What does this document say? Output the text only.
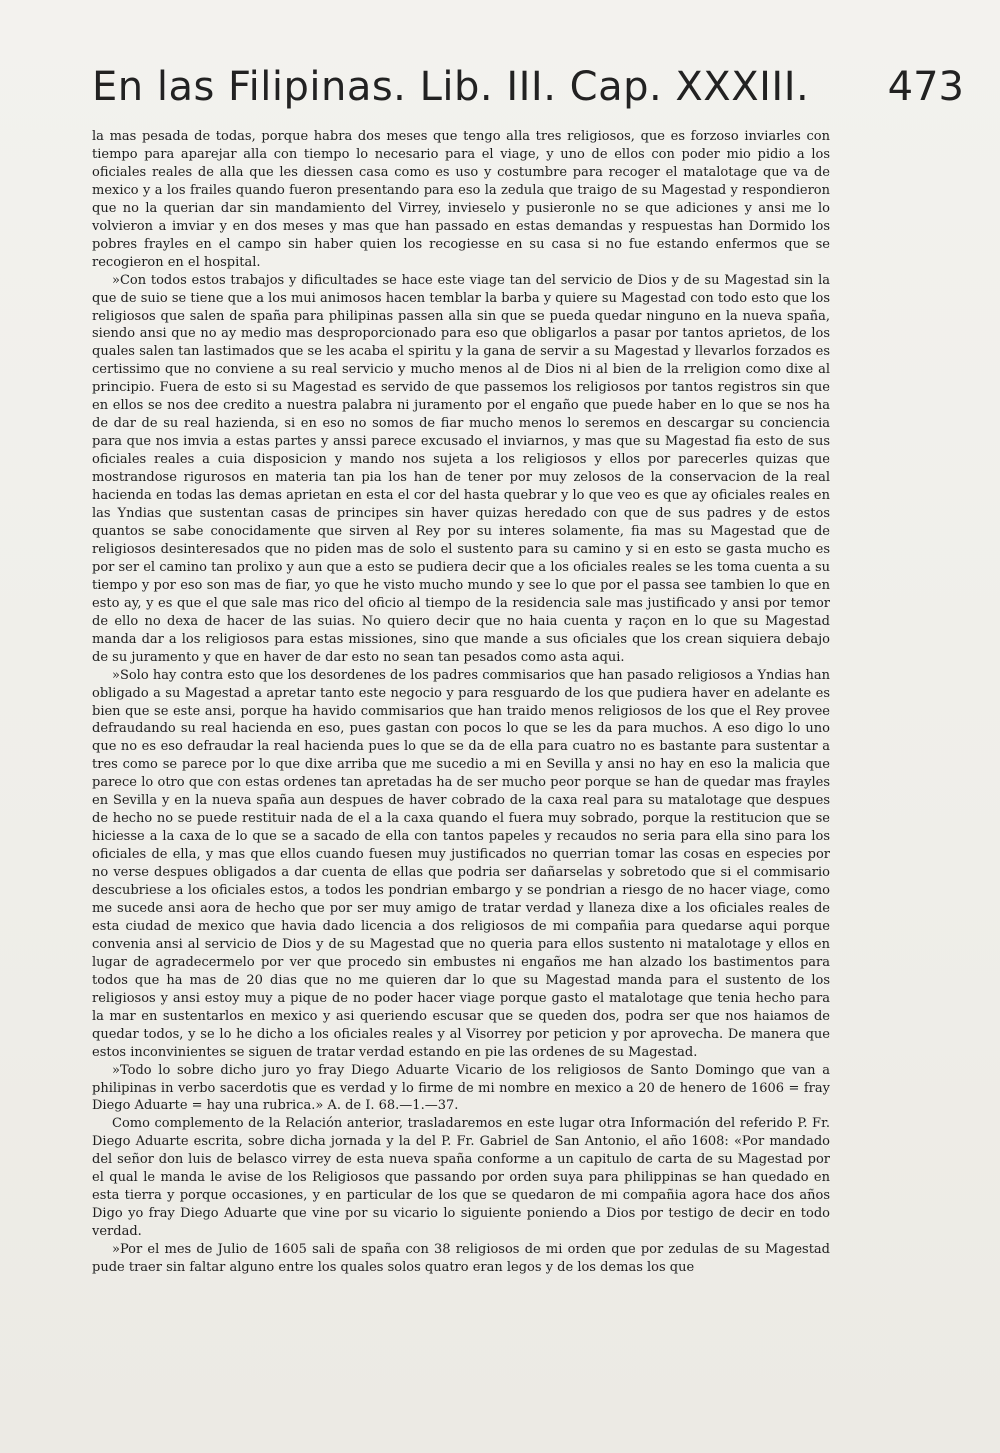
En las Filipinas. Lib. III. Cap. XXXIII. 473

la mas pesada de todas, porque habra dos meses que tengo alla tres religiosos, que es forzoso inviarles con tiempo para aparejar alla con tiempo lo necesario para el viage, y uno de ellos con poder mio pidio a los oficiales reales de alla que les diessen casa como es uso y costumbre para recoger el matalotage que va de mexico y a los frailes quando fueron presentando para eso la zedula que traigo de su Magestad y respondieron que no la querian dar sin mandamiento del Virrey, invieselo y pusieronle no se que adiciones y ansi me lo volvieron a imviar y en dos meses y mas que han passado en estas demandas y respuestas han Dormido los pobres frayles en el campo sin haber quien los recogiesse en su casa si no fue estando enfermos que se recogieron en el hospital.

»Con todos estos trabajos y dificultades se hace este viage tan del servicio de Dios y de su Magestad sin la que de suio se tiene que a los mui animosos hacen temblar la barba y quiere su Magestad con todo esto que los religiosos que salen de spaña para philipinas passen alla sin que se pueda quedar ninguno en la nueva spaña, siendo ansi que no ay medio mas desproporcionado para eso que obligarlos a pasar por tantos aprietos, de los quales salen tan lastimados que se les acaba el spiritu y la gana de servir a su Magestad y llevarlos forzados es certissimo que no conviene a su real servicio y mucho menos al de Dios ni al bien de la rreligion como dixe al principio. Fuera de esto si su Magestad es servido de que passemos los religiosos por tantos registros sin que en ellos se nos dee credito a nuestra palabra ni juramento por el engaño que puede haber en lo que se nos ha de dar de su real hazienda, si en eso no somos de fiar mucho menos lo seremos en descargar su conciencia para que nos imvia a estas partes y anssi parece excusado el inviarnos, y mas que su Magestad fia esto de sus oficiales reales a cuia disposicion y mando nos sujeta a los religiosos y ellos por parecerles quizas que mostrandose rigurosos en materia tan pia los han de tener por muy zelosos de la conservacion de la real hacienda en todas las demas aprietan en esta el cor del hasta quebrar y lo que veo es que ay oficiales reales en las Yndias que sustentan casas de principes sin haver quizas heredado con que de sus padres y de estos quantos se sabe conocidamente que sirven al Rey por su interes solamente, fia mas su Magestad que de religiosos desinteresados que no piden mas de solo el sustento para su camino y si en esto se gasta mucho es por ser el camino tan prolixo y aun que a esto se pudiera decir que a los oficiales reales se les toma cuenta a su tiempo y por eso son mas de fiar, yo que he visto mucho mundo y see lo que por el passa see tambien lo que en esto ay, y es que el que sale mas rico del oficio al tiempo de la residencia sale mas justificado y ansi por temor de ello no dexa de hacer de las suias. No quiero decir que no haia cuenta y raçon en lo que su Magestad manda dar a los religiosos para estas missiones, sino que mande a sus oficiales que los crean siquiera debajo de su juramento y que en haver de dar esto no sean tan pesados como asta aqui.

»Solo hay contra esto que los desordenes de los padres commisarios que han pasado religiosos a Yndias han obligado a su Magestad a apretar tanto este negocio y para resguardo de los que pudiera haver en adelante es bien que se este ansi, porque ha havido commisarios que han traido menos religiosos de los que el Rey provee defraudando su real hacienda en eso, pues gastan con pocos lo que se les da para muchos. A eso digo lo uno que no es eso defraudar la real hacienda pues lo que se da de ella para cuatro no es bastante para sustentar a tres como se parece por lo que dixe arriba que me sucedio a mi en Sevilla y ansi no hay en eso la malicia que parece lo otro que con estas ordenes tan apretadas ha de ser mucho peor porque se han de quedar mas frayles en Sevilla y en la nueva spaña aun despues de haver cobrado de la caxa real para su matalotage que despues de hecho no se puede restituir nada de el a la caxa quando el fuera muy sobrado, porque la restitucion que se hiciesse a la caxa de lo que se a sacado de ella con tantos papeles y recaudos no seria para ella sino para los oficiales de ella, y mas que ellos cuando fuesen muy justificados no querrian tomar las cosas en especies por no verse despues obligados a dar cuenta de ellas que podria ser dañarselas y sobretodo que si el commisario descubriese a los oficiales estos, a todos les pondrian embargo y se pondrian a riesgo de no hacer viage, como me sucede ansi aora de hecho que por ser muy amigo de tratar verdad y llaneza dixe a los oficiales reales de esta ciudad de mexico que havia dado licencia a dos religiosos de mi compañia para quedarse aqui porque convenia ansi al servicio de Dios y de su Magestad que no queria para ellos sustento ni matalotage y ellos en lugar de agradecermelo por ver que procedo sin embustes ni engaños me han alzado los bastimentos para todos que ha mas de 20 dias que no me quieren dar lo que su Magestad manda para el sustento de los religiosos y ansi estoy muy a pique de no poder hacer viage porque gasto el matalotage que tenia hecho para la mar en sustentarlos en mexico y asi queriendo escusar que se queden dos, podra ser que nos haiamos de quedar todos, y se lo he dicho a los oficiales reales y al Visorrey por peticion y por aprovecha. De manera que estos inconvinientes se siguen de tratar verdad estando en pie las ordenes de su Magestad.

»Todo lo sobre dicho juro yo fray Diego Aduarte Vicario de los religiosos de Santo Domingo que van a philipinas in verbo sacerdotis que es verdad y lo firme de mi nombre en mexico a 20 de henero de 1606 = fray Diego Aduarte = hay una rubrica.» A. de I. 68.—1.—37.

Como complemento de la Relación anterior, trasladaremos en este lugar otra Información del referido P. Fr. Diego Aduarte escrita, sobre dicha jornada y la del P. Fr. Gabriel de San Antonio, el año 1608: «Por mandado del señor don luis de belasco virrey de esta nueva spaña conforme a un capitulo de carta de su Magestad por el qual le manda le avise de los Religiosos que passando por orden suya para philippinas se han quedado en esta tierra y porque occasiones, y en particular de los que se quedaron de mi compañia agora hace dos años Digo yo fray Diego Aduarte que vine por su vicario lo siguiente poniendo a Dios por testigo de decir en todo verdad.

»Por el mes de Julio de 1605 sali de spaña con 38 religiosos de mi orden que por zedulas de su Magestad pude traer sin faltar alguno entre los quales solos quatro eran legos y de los demas los que
